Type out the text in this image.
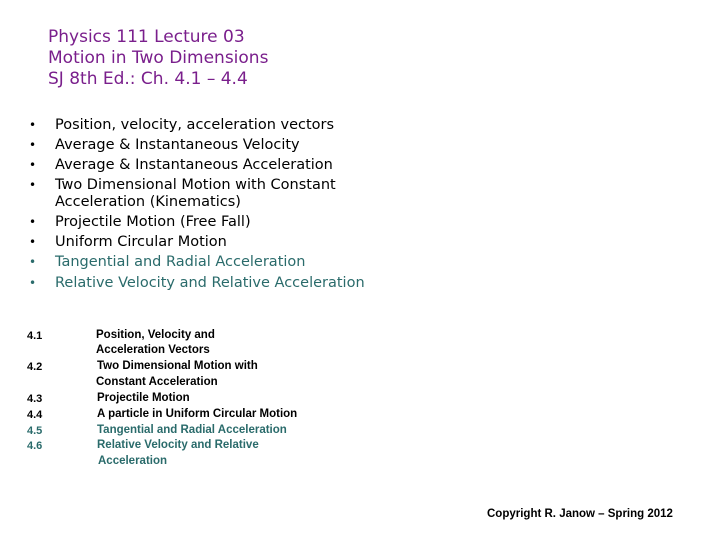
Physics 111 Lecture 03
Motion in Two Dimensions
SJ 8th Ed.: Ch. 4.1 – 4.4
• Position, velocity, acceleration vectors
• Average & Instantaneous Velocity
• Average & Instantaneous Acceleration
• Two Dimensional Motion with Constant Acceleration (Kinematics)
• Projectile Motion (Free Fall)
• Uniform Circular Motion
• Tangential and Radial Acceleration
• Relative Velocity and Relative Acceleration
4.1	Position, Velocity and
Acceleration Vectors
4.2	Two Dimensional Motion with
Constant Acceleration
4.3	Projectile Motion
4.4	A particle in Uniform Circular Motion
4.5	Tangential and Radial Acceleration
4.6	Relative Velocity and Relative
Acceleration
Copyright R. Janow – Spring 2012
